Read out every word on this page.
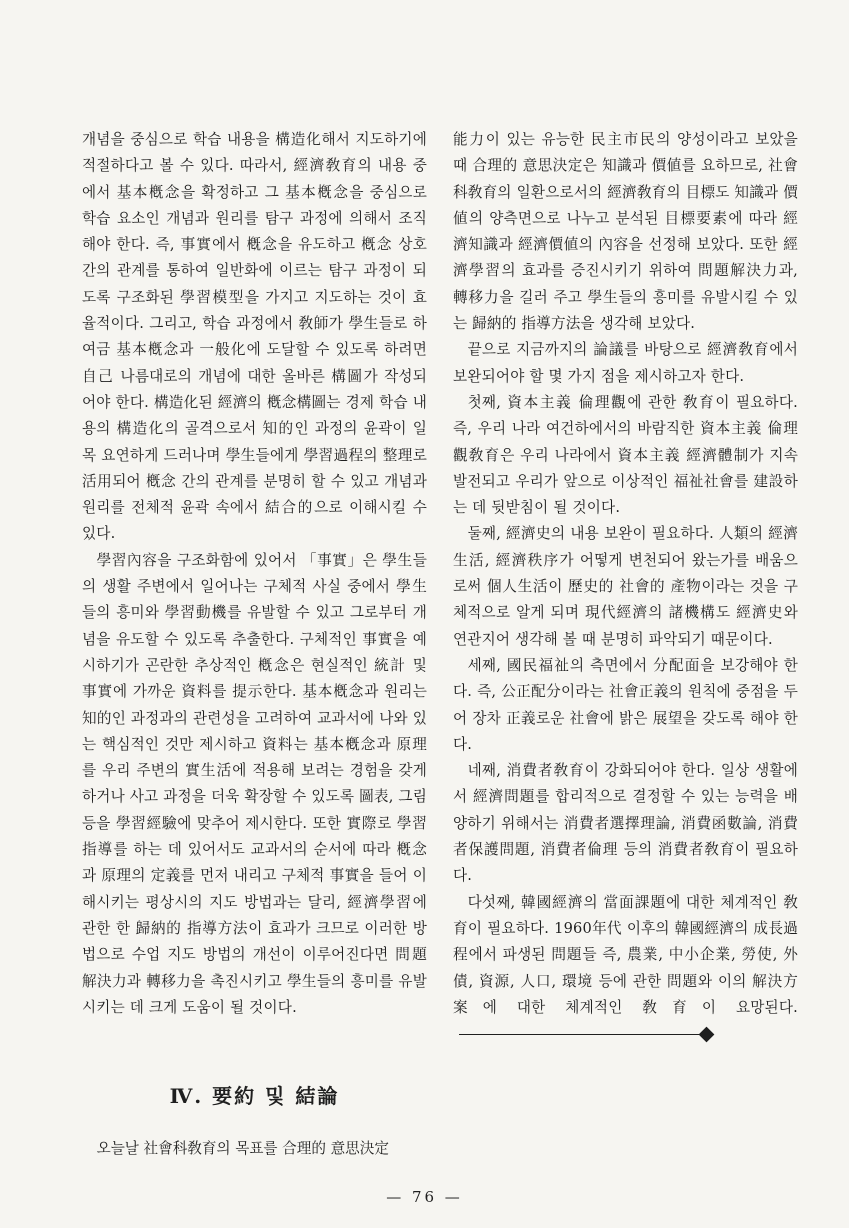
개념을 중심으로 학습 내용을 構造化해서 지도하기에 적절하다고 볼 수 있다. 따라서, 經濟敎育의 내용 중에서 基本槪念을 확정하고 그 基本槪念을 중심으로 학습 요소인 개념과 원리를 탐구 과정에 의해서 조직해야 한다. 즉, 事實에서 槪念을 유도하고 槪念 상호간의 관계를 통하여 일반화에 이르는 탐구 과정이 되도록 구조화된 學習模型을 가지고 지도하는 것이 효율적이다. 그리고, 학습 과정에서 敎師가 學生들로 하여금 基本槪念과 一般化에 도달할 수 있도록 하려면 自己 나름대로의 개념에 대한 올바른 構圖가 작성되어야 한다. 構造化된 經濟의 槪念構圖는 경제 학습 내용의 構造化의 골격으로서 知的인 과정의 윤곽이 일목 요연하게 드러나며 學生들에게 學習過程의 整理로 活用되어 槪念 간의 관계를 분명히 할 수 있고 개념과 원리를 전체적 윤곽 속에서 結合的으로 이해시킬 수 있다.

學習內容을 구조화함에 있어서 「事實」은 學生들의 생활 주변에서 일어나는 구체적 사실 중에서 學生들의 흥미와 學習動機를 유발할 수 있고 그로부터 개념을 유도할 수 있도록 추출한다. 구체적인 事實을 예시하기가 곤란한 추상적인 槪念은 현실적인 統計 및 事實에 가까운 資料를 提示한다. 基本槪念과 원리는 知的인 과정과의 관련성을 고려하여 교과서에 나와 있는 핵심적인 것만 제시하고 資料는 基本槪念과 原理를 우리 주변의 實生活에 적용해 보려는 경험을 갖게 하거나 사고 과정을 더욱 확장할 수 있도록 圖表, 그림 등을 學習經驗에 맞추어 제시한다. 또한 實際로 學習指導를 하는 데 있어서도 교과서의 순서에 따라 槪念과 原理의 定義를 먼저 내리고 구체적 事實을 들어 이해시키는 평상시의 지도 방법과는 달리, 經濟學習에 관한 한 歸納的 指導方法이 효과가 크므로 이러한 방법으로 수업 지도 방법의 개선이 이루어진다면 問題解決力과 轉移力을 촉진시키고 學生들의 흥미를 유발시키는 데 크게 도움이 될 것이다.

Ⅳ. 要約 및 結論

오늘날 社會科敎育의 목표를 合理的 意思決定

能力이 있는 유능한 民主市民의 양성이라고 보았을 때 合理的 意思決定은 知識과 價値를 요하므로, 社會科敎育의 일환으로서의 經濟敎育의 目標도 知識과 價値의 양측면으로 나누고 분석된 目標要素에 따라 經濟知識과 經濟價値의 內容을 선정해 보았다. 또한 經濟學習의 효과를 증진시키기 위하여 問題解決力과, 轉移力을 길러 주고 學生들의 흥미를 유발시킬 수 있는 歸納的 指導方法을 생각해 보았다.

끝으로 지금까지의 論議를 바탕으로 經濟敎育에서 보완되어야 할 몇 가지 점을 제시하고자 한다.

첫째, 資本主義 倫理觀에 관한 敎育이 필요하다. 즉, 우리 나라 여건하에서의 바람직한 資本主義 倫理觀敎育은 우리 나라에서 資本主義 經濟體制가 지속 발전되고 우리가 앞으로 이상적인 福祉社會를 建設하는 데 뒷받침이 될 것이다.

둘째, 經濟史의 내용 보완이 필요하다. 人類의 經濟生活, 經濟秩序가 어떻게 변천되어 왔는가를 배움으로써 個人生活이 歷史的 社會的 產物이라는 것을 구체적으로 알게 되며 現代經濟의 諸機構도 經濟史와 연관지어 생각해 볼 때 분명히 파악되기 때문이다.

세째, 國民福祉의 측면에서 分配面을 보강해야 한다. 즉, 公正配分이라는 社會正義의 원칙에 중점을 두어 장차 正義로운 社會에 밝은 展望을 갖도록 해야 한다.

네째, 消費者敎育이 강화되어야 한다. 일상 생활에서 經濟問題를 합리적으로 결정할 수 있는 능력을 배양하기 위해서는 消費者選擇理論, 消費函數論, 消費者保護問題, 消費者倫理 등의 消費者敎育이 필요하다.

다섯째, 韓國經濟의 當面課題에 대한 체계적인 敎育이 필요하다. 1960年代 이후의 韓國經濟의 成長過程에서 파생된 問題들 즉, 農業, 中小企業, 勞使, 外債, 資源, 人口, 環境 등에 관한 問題와 이의 解決方案에 대한 체계적인 敎育이 요망된다.

— 76 —
